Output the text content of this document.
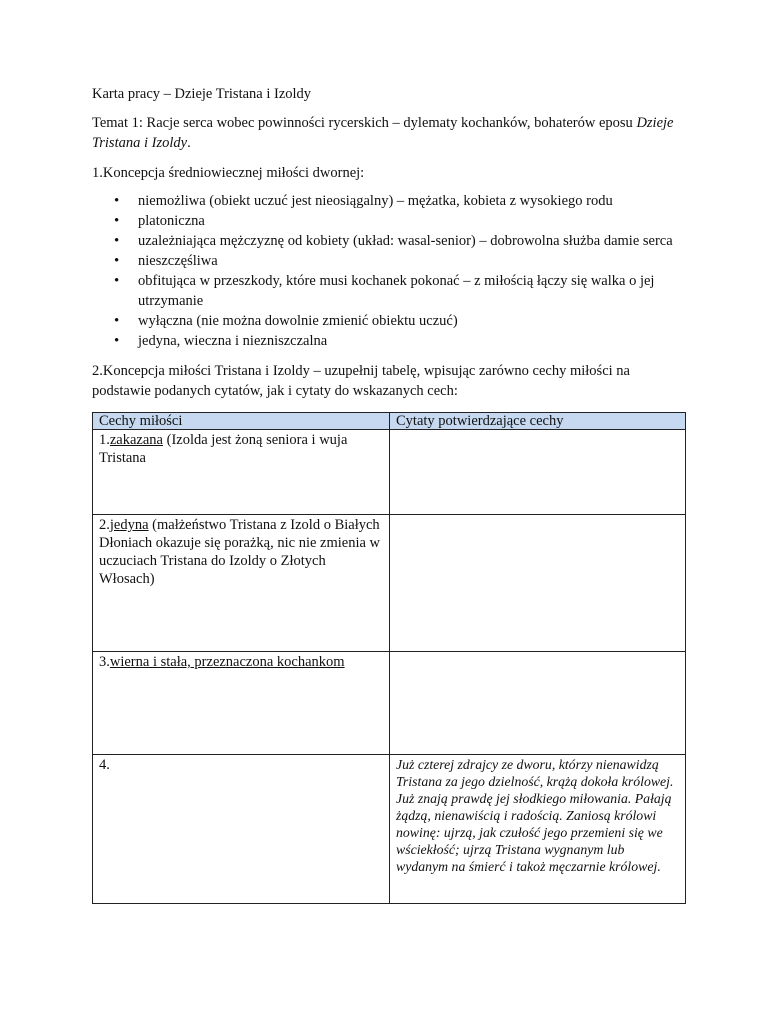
Karta pracy – Dzieje Tristana i Izoldy

Temat 1: Racje serca wobec powinności rycerskich – dylematy kochanków, bohaterów eposu Dzieje Tristana i Izoldy.

1.Koncepcja średniowiecznej miłości dwornej:

• niemożliwa (obiekt uczuć jest nieosiągalny) – mężatka, kobieta z wysokiego rodu
• platoniczna
• uzależniająca mężczyznę od kobiety (układ: wasal-senior) – dobrowolna służba damie serca
• nieszczęśliwa
• obfitująca w przeszkody, które musi kochanek pokonać – z miłością łączy się walka o jej utrzymanie
• wyłączna (nie można dowolnie zmienić obiektu uczuć)
• jedyna, wieczna i niezniszczalna

2.Koncepcja miłości Tristana i Izoldy – uzupełnij tabelę, wpisując zarówno cechy miłości na podstawie podanych cytatów, jak i cytaty do wskazanych cech:

Cechy miłości	Cytaty potwierdzające cechy
1.zakazana (Izolda jest żoną seniora i wuja Tristana	
2.jedyna (małżeństwo Tristana z Izold o Białych Dłoniach okazuje się porażką, nic nie zmienia w uczuciach Tristana do Izoldy o Złotych Włosach)	
3.wierna i stała, przeznaczona kochankom	
4.	Już czterej zdrajcy ze dworu, którzy nienawidzą Tristana za jego dzielność, krążą dokoła królowej. Już znają prawdę jej słodkiego miłowania. Pałają żądzą, nienawiścią i radością. Zaniosą królowi nowinę: ujrzą, jak czułość jego przemieni się we wściekłość; ujrzą Tristana wygnanym lub wydanym na śmierć i takoż męczarnie królowej.
